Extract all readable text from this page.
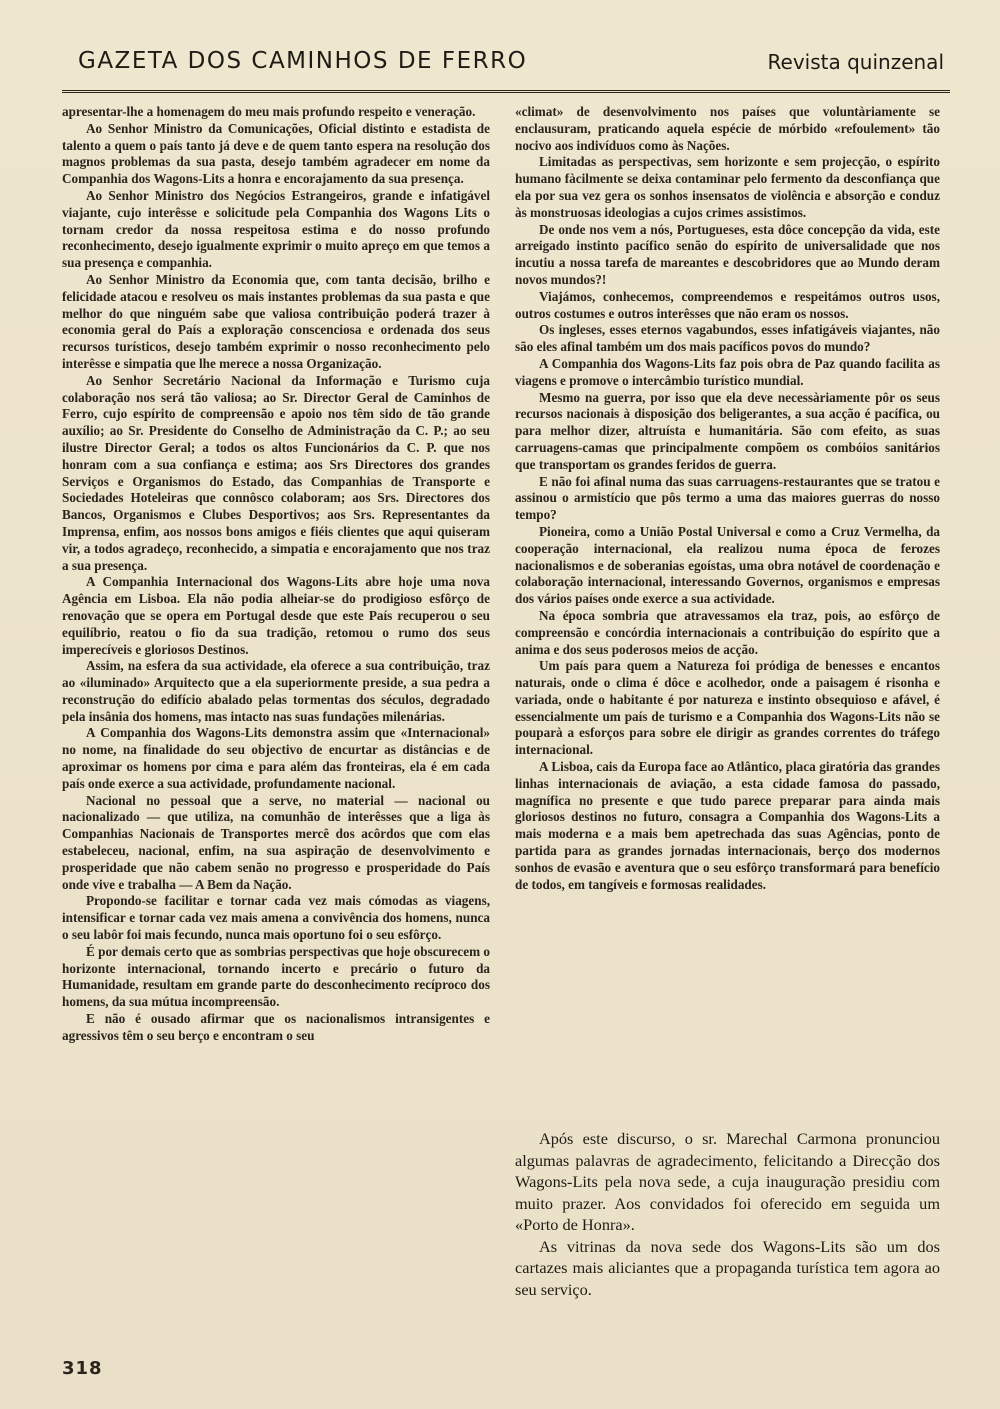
GAZETA DOS CAMINHOS DE FERRO	Revista quinzenal

apresentar-lhe a homenagem do meu mais profundo respeito e veneração.

Ao Senhor Ministro da Comunicações, Oficial distinto e estadista de talento a quem o país tanto já deve e de quem tanto espera na resolução dos magnos problemas da sua pasta, desejo também agradecer em nome da Companhia dos Wagons-Lits a honra e encorajamento da sua presença.

Ao Senhor Ministro dos Negócios Estrangeiros, grande e infatigável viajante, cujo interêsse e solicitude pela Companhia dos Wagons Lits o tornam credor da nossa respeitosa estima e do nosso profundo reconhecimento, desejo igualmente exprimir o muito apreço em que temos a sua presença e companhia.

Ao Senhor Ministro da Economia que, com tanta decisão, brilho e felicidade atacou e resolveu os mais instantes problemas da sua pasta e que melhor do que ninguém sabe que valiosa contribuição poderá trazer à economia geral do País a exploração conscenciosa e ordenada dos seus recursos turísticos, desejo também exprimir o nosso reconhecimento pelo interêsse e simpatia que lhe merece a nossa Organização.

Ao Senhor Secretário Nacional da Informação e Turismo cuja colaboração nos será tão valiosa; ao Sr. Director Geral de Caminhos de Ferro, cujo espírito de compreensão e apoio nos têm sido de tão grande auxílio; ao Sr. Presidente do Conselho de Administração da C. P.; ao seu ilustre Director Geral; a todos os altos Funcionários da C. P. que nos honram com a sua confiança e estima; aos Srs Directores dos grandes Serviços e Organismos do Estado, das Companhias de Transporte e Sociedades Hoteleiras que connôsco colaboram; aos Srs. Directores dos Bancos, Organismos e Clubes Desportivos; aos Srs. Representantes da Imprensa, enfim, aos nossos bons amigos e fiéis clientes que aqui quiseram vir, a todos agradeço, reconhecido, a simpatia e encorajamento que nos traz a sua presença.

A Companhia Internacional dos Wagons-Lits abre hoje uma nova Agência em Lisboa. Ela não podia alheiar-se do prodigioso esfôrço de renovação que se opera em Portugal desde que este País recuperou o seu equilíbrio, reatou o fio da sua tradição, retomou o rumo dos seus imperecíveis e gloriosos Destinos.

Assim, na esfera da sua actividade, ela oferece a sua contribuição, traz ao «iluminado» Arquitecto que a ela superiormente preside, a sua pedra a reconstrução do edifício abalado pelas tormentas dos séculos, degradado pela insânia dos homens, mas intacto nas suas fundações milenárias.

A Companhia dos Wagons-Lits demonstra assim que «Internacional» no nome, na finalidade do seu objectivo de encurtar as distâncias e de aproximar os homens por cima e para além das fronteiras, ela é em cada país onde exerce a sua actividade, profundamente nacional.

Nacional no pessoal que a serve, no material — nacional ou nacionalizado — que utiliza, na comunhão de interêsses que a liga às Companhias Nacionais de Transportes mercê dos acôrdos que com elas estabeleceu, nacional, enfim, na sua aspiração de desenvolvimento e prosperidade que não cabem senão no progresso e prosperidade do País onde vive e trabalha — A Bem da Nação.

Propondo-se facilitar e tornar cada vez mais cómodas as viagens, intensificar e tornar cada vez mais amena a convivência dos homens, nunca o seu labôr foi mais fecundo, nunca mais oportuno foi o seu esfôrço.

É por demais certo que as sombrias perspectivas que hoje obscurecem o horizonte internacional, tornando incerto e precário o futuro da Humanidade, resultam em grande parte do desconhecimento recíproco dos homens, da sua mútua incompreensão.

E não é ousado afirmar que os nacionalismos intransigentes e agressivos têm o seu berço e encontram o seu

«climat» de desenvolvimento nos países que voluntàriamente se enclausuram, praticando aquela espécie de mórbido «refoulement» tão nocivo aos indivíduos como às Nações.

Limitadas as perspectivas, sem horizonte e sem projecção, o espírito humano fàcilmente se deixa contaminar pelo fermento da desconfiança que ela por sua vez gera os sonhos insensatos de violência e absorção e conduz às monstruosas ideologias a cujos crimes assistimos.

De onde nos vem a nós, Portugueses, esta dôce concepção da vida, este arreigado instinto pacífico senão do espírito de universalidade que nos incutiu a nossa tarefa de mareantes e descobridores que ao Mundo deram novos mundos?!

Viajámos, conhecemos, compreendemos e respeitámos outros usos, outros costumes e outros interêsses que não eram os nossos.

Os ingleses, esses eternos vagabundos, esses infatigáveis viajantes, não são eles afinal também um dos mais pacíficos povos do mundo?

A Companhia dos Wagons-Lits faz pois obra de Paz quando facilita as viagens e promove o intercâmbio turístico mundial.

Mesmo na guerra, por isso que ela deve necessàriamente pôr os seus recursos nacionais à disposição dos beligerantes, a sua acção é pacífica, ou para melhor dizer, altruísta e humanitária. São com efeito, as suas carruagens-camas que principalmente compõem os combóios sanitários que transportam os grandes feridos de guerra.

E não foi afinal numa das suas carruagens-restaurantes que se tratou e assinou o armistício que pôs termo a uma das maiores guerras do nosso tempo?

Pioneira, como a União Postal Universal e como a Cruz Vermelha, da cooperação internacional, ela realizou numa época de ferozes nacionalismos e de soberanias egoístas, uma obra notável de coordenação e colaboração internacional, interessando Governos, organismos e empresas dos vários países onde exerce a sua actividade.

Na época sombria que atravessamos ela traz, pois, ao esfôrço de compreensão e concórdia internacionais a contribuição do espírito que a anima e dos seus poderosos meios de acção.

Um país para quem a Natureza foi pródiga de benesses e encantos naturais, onde o clima é dôce e acolhedor, onde a paisagem é risonha e variada, onde o habitante é por natureza e instinto obsequioso e afável, é essencialmente um país de turismo e a Companhia dos Wagons-Lits não se pouparà a esforços para sobre ele dirigir as grandes correntes do tráfego internacional.

A Lisboa, cais da Europa face ao Atlântico, placa giratória das grandes linhas internacionais de aviação, a esta cidade famosa do passado, magnífica no presente e que tudo parece preparar para ainda mais gloriosos destinos no futuro, consagra a Companhia dos Wagons-Lits a mais moderna e a mais bem apetrechada das suas Agências, ponto de partida para as grandes jornadas internacionais, berço dos modernos sonhos de evasão e aventura que o seu esfôrço transformará para benefício de todos, em tangíveis e formosas realidades.

Após este discurso, o sr. Marechal Carmona pronunciou algumas palavras de agradecimento, felicitando a Direcção dos Wagons-Lits pela nova sede, a cuja inauguração presidiu com muito prazer. Aos convidados foi oferecido em seguida um «Porto de Honra».

As vitrinas da nova sede dos Wagons-Lits são um dos cartazes mais aliciantes que a propaganda turística tem agora ao seu serviço.

318
